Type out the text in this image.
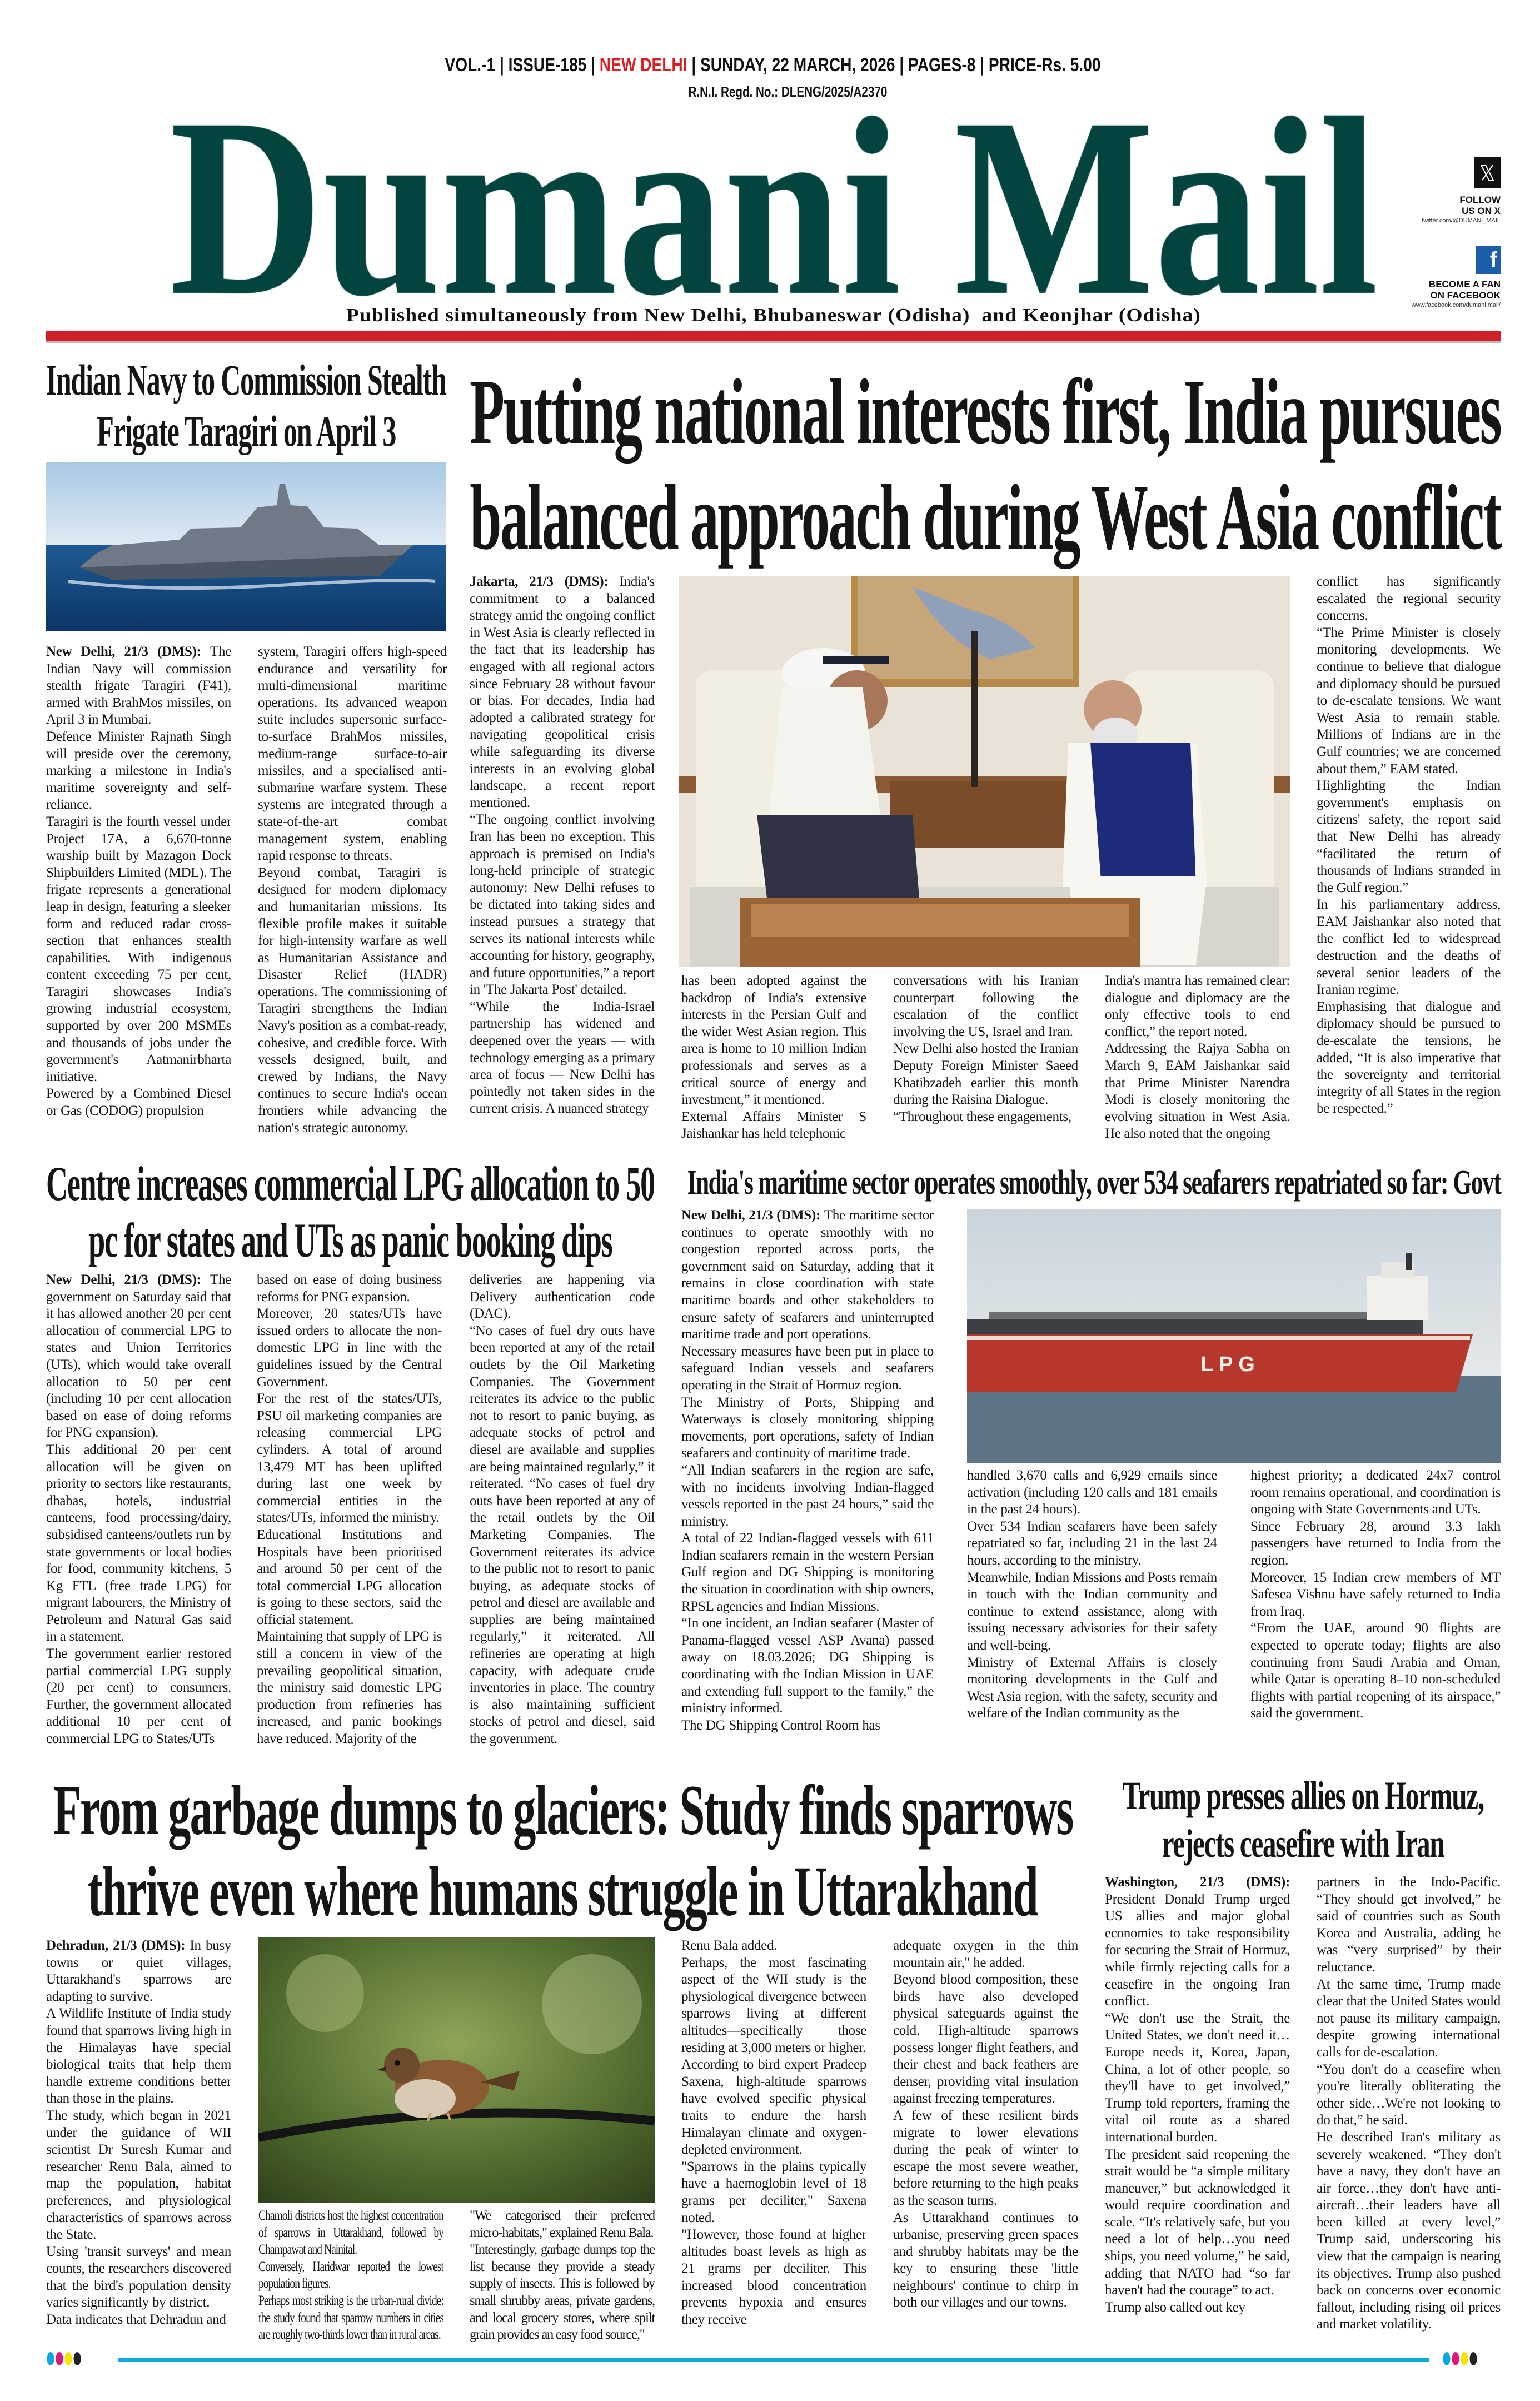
VOL.-1 | ISSUE-185 | NEW DELHI | SUNDAY, 22 MARCH, 2026 | PAGES-8 | PRICE-Rs. 5.00
R.N.I. Regd. No.: DLENG/2025/A2370
FOLLOW
US ON X
twitter.com/@DUMANI_MAIL
f
BECOME A FAN
ON FACEBOOK
www.facebook.com/dumani.mail/
Published simultaneously from New Delhi, Bhubaneswar (Odisha)  and Keonjhar (Odisha)
Indian Navy to Commission Stealth
Frigate Taragiri on April 3

New Delhi, 21/3 (DMS): The Indian Navy will commission stealth frigate Taragiri (F41), armed with BrahMos missiles, on April 3 in Mumbai.

Defence Minister Rajnath Singh will preside over the ceremony, marking a milestone in India's maritime sovereignty and self-reliance.

Taragiri is the fourth vessel under Project 17A, a 6,670-tonne warship built by Mazagon Dock Shipbuilders Limited (MDL). The frigate represents a generational leap in design, featuring a sleeker form and reduced radar cross-section that enhances stealth capabilities. With indigenous content exceeding 75 per cent, Taragiri showcases India's growing industrial ecosystem, supported by over 200 MSMEs and thousands of jobs under the government's Aatmanirbharta initiative.

Powered by a Combined Diesel or Gas (CODOG) propulsion

system, Taragiri offers high-speed endurance and versatility for multi-dimensional maritime operations. Its advanced weapon suite includes supersonic surface-to-surface BrahMos missiles, medium-range surface-to-air missiles, and a specialised anti-submarine warfare system. These systems are integrated through a state-of-the-art combat management system, enabling rapid response to threats.

Beyond combat, Taragiri is designed for modern diplomacy and humanitarian missions. Its flexible profile makes it suitable for high-intensity warfare as well as Humanitarian Assistance and Disaster Relief (HADR) operations. The commissioning of Taragiri strengthens the Indian Navy's position as a combat-ready, cohesive, and credible force. With vessels designed, built, and crewed by Indians, the Navy continues to secure India's ocean frontiers while advancing the nation's strategic autonomy.

Putting national interests first, India pursues
balanced approach during West Asia conflict

Jakarta, 21/3 (DMS): India's commitment to a balanced strategy amid the ongoing conflict in West Asia is clearly reflected in the fact that its leadership has engaged with all regional actors since February 28 without favour or bias. For decades, India had adopted a calibrated strategy for navigating geopolitical crisis while safeguarding its diverse interests in an evolving global landscape, a recent report mentioned.

“The ongoing conflict involving Iran has been no exception. This approach is premised on India's long-held principle of strategic autonomy: New Delhi refuses to be dictated into taking sides and instead pursues a strategy that serves its national interests while accounting for history, geography, and future opportunities,” a report in 'The Jakarta Post' detailed.

“While the India-Israel partnership has widened and deepened over the years — with technology emerging as a primary area of focus — New Delhi has pointedly not taken sides in the current crisis. A nuanced strategy

has been adopted against the backdrop of India's extensive interests in the Persian Gulf and the wider West Asian region. This area is home to 10 million Indian professionals and serves as a critical source of energy and investment,” it mentioned.

External Affairs Minister S Jaishankar has held telephonic

conversations with his Iranian counterpart following the escalation of the conflict involving the US, Israel and Iran.

New Delhi also hosted the Iranian Deputy Foreign Minister Saeed Khatibzadeh earlier this month during the Raisina Dialogue.

“Throughout these engagements,

India's mantra has remained clear: dialogue and diplomacy are the only effective tools to end conflict,” the report noted.

Addressing the Rajya Sabha on March 9, EAM Jaishankar said that Prime Minister Narendra Modi is closely monitoring the evolving situation in West Asia. He also noted that the ongoing

conflict has significantly escalated the regional security concerns.

“The Prime Minister is closely monitoring developments. We continue to believe that dialogue and diplomacy should be pursued to de-escalate tensions. We want West Asia to remain stable. Millions of Indians are in the Gulf countries; we are concerned about them,” EAM stated.

Highlighting the Indian government's emphasis on citizens' safety, the report said that New Delhi has already “facilitated the return of thousands of Indians stranded in the Gulf region.”

In his parliamentary address, EAM Jaishankar also noted that the conflict led to widespread destruction and the deaths of several senior leaders of the Iranian regime.

Emphasising that dialogue and diplomacy should be pursued to de-escalate the tensions, he added, “It is also imperative that the sovereignty and territorial integrity of all States in the region be respected.”

Centre increases commercial LPG allocation to 50
pc for states and UTs as panic booking dips

New Delhi, 21/3 (DMS): The government on Saturday said that it has allowed another 20 per cent allocation of commercial LPG to states and Union Territories (UTs), which would take overall allocation to 50 per cent (including 10 per cent allocation based on ease of doing reforms for PNG expansion).

This additional 20 per cent allocation will be given on priority to sectors like restaurants, dhabas, hotels, industrial canteens, food processing/dairy, subsidised canteens/outlets run by state governments or local bodies for food, community kitchens, 5 Kg FTL (free trade LPG) for migrant labourers, the Ministry of Petroleum and Natural Gas said in a statement.

The government earlier restored partial commercial LPG supply (20 per cent) to consumers. Further, the government allocated additional 10 per cent of commercial LPG to States/UTs

based on ease of doing business reforms for PNG expansion.

Moreover, 20 states/UTs have issued orders to allocate the non-domestic LPG in line with the guidelines issued by the Central Government.

For the rest of the states/UTs, PSU oil marketing companies are releasing commercial LPG cylinders. A total of around 13,479 MT has been uplifted during last one week by commercial entities in the states/UTs, informed the ministry.

Educational Institutions and Hospitals have been prioritised and around 50 per cent of the total commercial LPG allocation is going to these sectors, said the official statement.

Maintaining that supply of LPG is still a concern in view of the prevailing geopolitical situation, the ministry said domestic LPG production from refineries has increased, and panic bookings have reduced. Majority of the

deliveries are happening via Delivery authentication code (DAC).

“No cases of fuel dry outs have been reported at any of the retail outlets by the Oil Marketing Companies. The Government reiterates its advice to the public not to resort to panic buying, as adequate stocks of petrol and diesel are available and supplies are being maintained regularly,” it reiterated. “No cases of fuel dry outs have been reported at any of the retail outlets by the Oil Marketing Companies. The Government reiterates its advice to the public not to resort to panic buying, as adequate stocks of petrol and diesel are available and supplies are being maintained regularly,” it reiterated. All refineries are operating at high capacity, with adequate crude inventories in place. The country is also maintaining sufficient stocks of petrol and diesel, said the government.

India's maritime sector operates smoothly, over 534 seafarers repatriated so far: Govt

New Delhi, 21/3 (DMS): The maritime sector continues to operate smoothly with no congestion reported across ports, the government said on Saturday, adding that it remains in close coordination with state maritime boards and other stakeholders to ensure safety of seafarers and uninterrupted maritime trade and port operations.

Necessary measures have been put in place to safeguard Indian vessels and seafarers operating in the Strait of Hormuz region.

The Ministry of Ports, Shipping and Waterways is closely monitoring shipping movements, port operations, safety of Indian seafarers and continuity of maritime trade.

“All Indian seafarers in the region are safe, with no incidents involving Indian-flagged vessels reported in the past 24 hours,” said the ministry.

A total of 22 Indian-flagged vessels with 611 Indian seafarers remain in the western Persian Gulf region and DG Shipping is monitoring the situation in coordination with ship owners, RPSL agencies and Indian Missions.

“In one incident, an Indian seafarer (Master of Panama-flagged vessel ASP Avana) passed away on 18.03.2026; DG Shipping is coordinating with the Indian Mission in UAE and extending full support to the family,” the ministry informed.

The DG Shipping Control Room has

L P G

handled 3,670 calls and 6,929 emails since activation (including 120 calls and 181 emails in the past 24 hours).

Over 534 Indian seafarers have been safely repatriated so far, including 21 in the last 24 hours, according to the ministry.

Meanwhile, Indian Missions and Posts remain in touch with the Indian community and continue to extend assistance, along with issuing necessary advisories for their safety and well-being.

Ministry of External Affairs is closely monitoring developments in the Gulf and West Asia region, with the safety, security and welfare of the Indian community as the

highest priority; a dedicated 24x7 control room remains operational, and coordination is ongoing with State Governments and UTs.

Since February 28, around 3.3 lakh passengers have returned to India from the region.

Moreover, 15 Indian crew members of MT Safesea Vishnu have safely returned to India from Iraq.

“From the UAE, around 90 flights are expected to operate today; flights are also continuing from Saudi Arabia and Oman, while Qatar is operating 8–10 non-scheduled flights with partial reopening of its airspace,” said the government.

From garbage dumps to glaciers: Study finds sparrows
thrive even where humans struggle in Uttarakhand

Dehradun, 21/3 (DMS): In busy towns or quiet villages, Uttarakhand's sparrows are adapting to survive.

A Wildlife Institute of India study found that sparrows living high in the Himalayas have special biological traits that help them handle extreme conditions better than those in the plains.

The study, which began in 2021 under the guidance of WII scientist Dr Suresh Kumar and researcher Renu Bala, aimed to map the population, habitat preferences, and physiological characteristics of sparrows across the State.

Using 'transit surveys' and mean counts, the researchers discovered that the bird's population density varies significantly by district.

Data indicates that Dehradun and

Chamoli districts host the highest concentration of sparrows in Uttarakhand, followed by Champawat and Nainital.

Conversely, Haridwar reported the lowest population figures.

Perhaps most striking is the urban-rural divide: the study found that sparrow numbers in cities are roughly two-thirds lower than in rural areas.

"We categorised their preferred micro-habitats," explained Renu Bala.

"Interestingly, garbage dumps top the list because they provide a steady supply of insects. This is followed by small shrubby areas, private gardens, and local grocery stores, where spilt grain provides an easy food source,"

Renu Bala added.

Perhaps, the most fascinating aspect of the WII study is the physiological divergence between sparrows living at different altitudes—specifically those residing at 3,000 meters or higher.

According to bird expert Pradeep Saxena, high-altitude sparrows have evolved specific physical traits to endure the harsh Himalayan climate and oxygen-depleted environment.

"Sparrows in the plains typically have a haemoglobin level of 18 grams per deciliter," Saxena noted.

"However, those found at higher altitudes boast levels as high as 21 grams per deciliter. This increased blood concentration prevents hypoxia and ensures they receive

adequate oxygen in the thin mountain air," he added.

Beyond blood composition, these birds have also developed physical safeguards against the cold. High-altitude sparrows possess longer flight feathers, and their chest and back feathers are denser, providing vital insulation against freezing temperatures.

A few of these resilient birds migrate to lower elevations during the peak of winter to escape the most severe weather, before returning to the high peaks as the season turns.

As Uttarakhand continues to urbanise, preserving green spaces and shrubby habitats may be the key to ensuring these 'little neighbours' continue to chirp in both our villages and our towns.

Trump presses allies on Hormuz,
rejects ceasefire with Iran

Washington, 21/3 (DMS): President Donald Trump urged US allies and major global economies to take responsibility for securing the Strait of Hormuz, while firmly rejecting calls for a ceasefire in the ongoing Iran conflict.

“We don't use the Strait, the United States, we don't need it…Europe needs it, Korea, Japan, China, a lot of other people, so they'll have to get involved,” Trump told reporters, framing the vital oil route as a shared international burden.

The president said reopening the strait would be “a simple military maneuver,” but acknowledged it would require coordination and scale. “It's relatively safe, but you need a lot of help…you need ships, you need volume,” he said, adding that NATO had “so far haven't had the courage” to act.

Trump also called out key

partners in the Indo-Pacific. “They should get involved,” he said of countries such as South Korea and Australia, adding he was “very surprised” by their reluctance.

At the same time, Trump made clear that the United States would not pause its military campaign, despite growing international calls for de-escalation.

“You don't do a ceasefire when you're literally obliterating the other side…We're not looking to do that,” he said.

He described Iran's military as severely weakened. “They don't have a navy, they don't have an air force…they don't have anti-aircraft…their leaders have all been killed at every level,” Trump said, underscoring his view that the campaign is nearing its objectives. Trump also pushed back on concerns over economic fallout, including rising oil prices and market volatility.
